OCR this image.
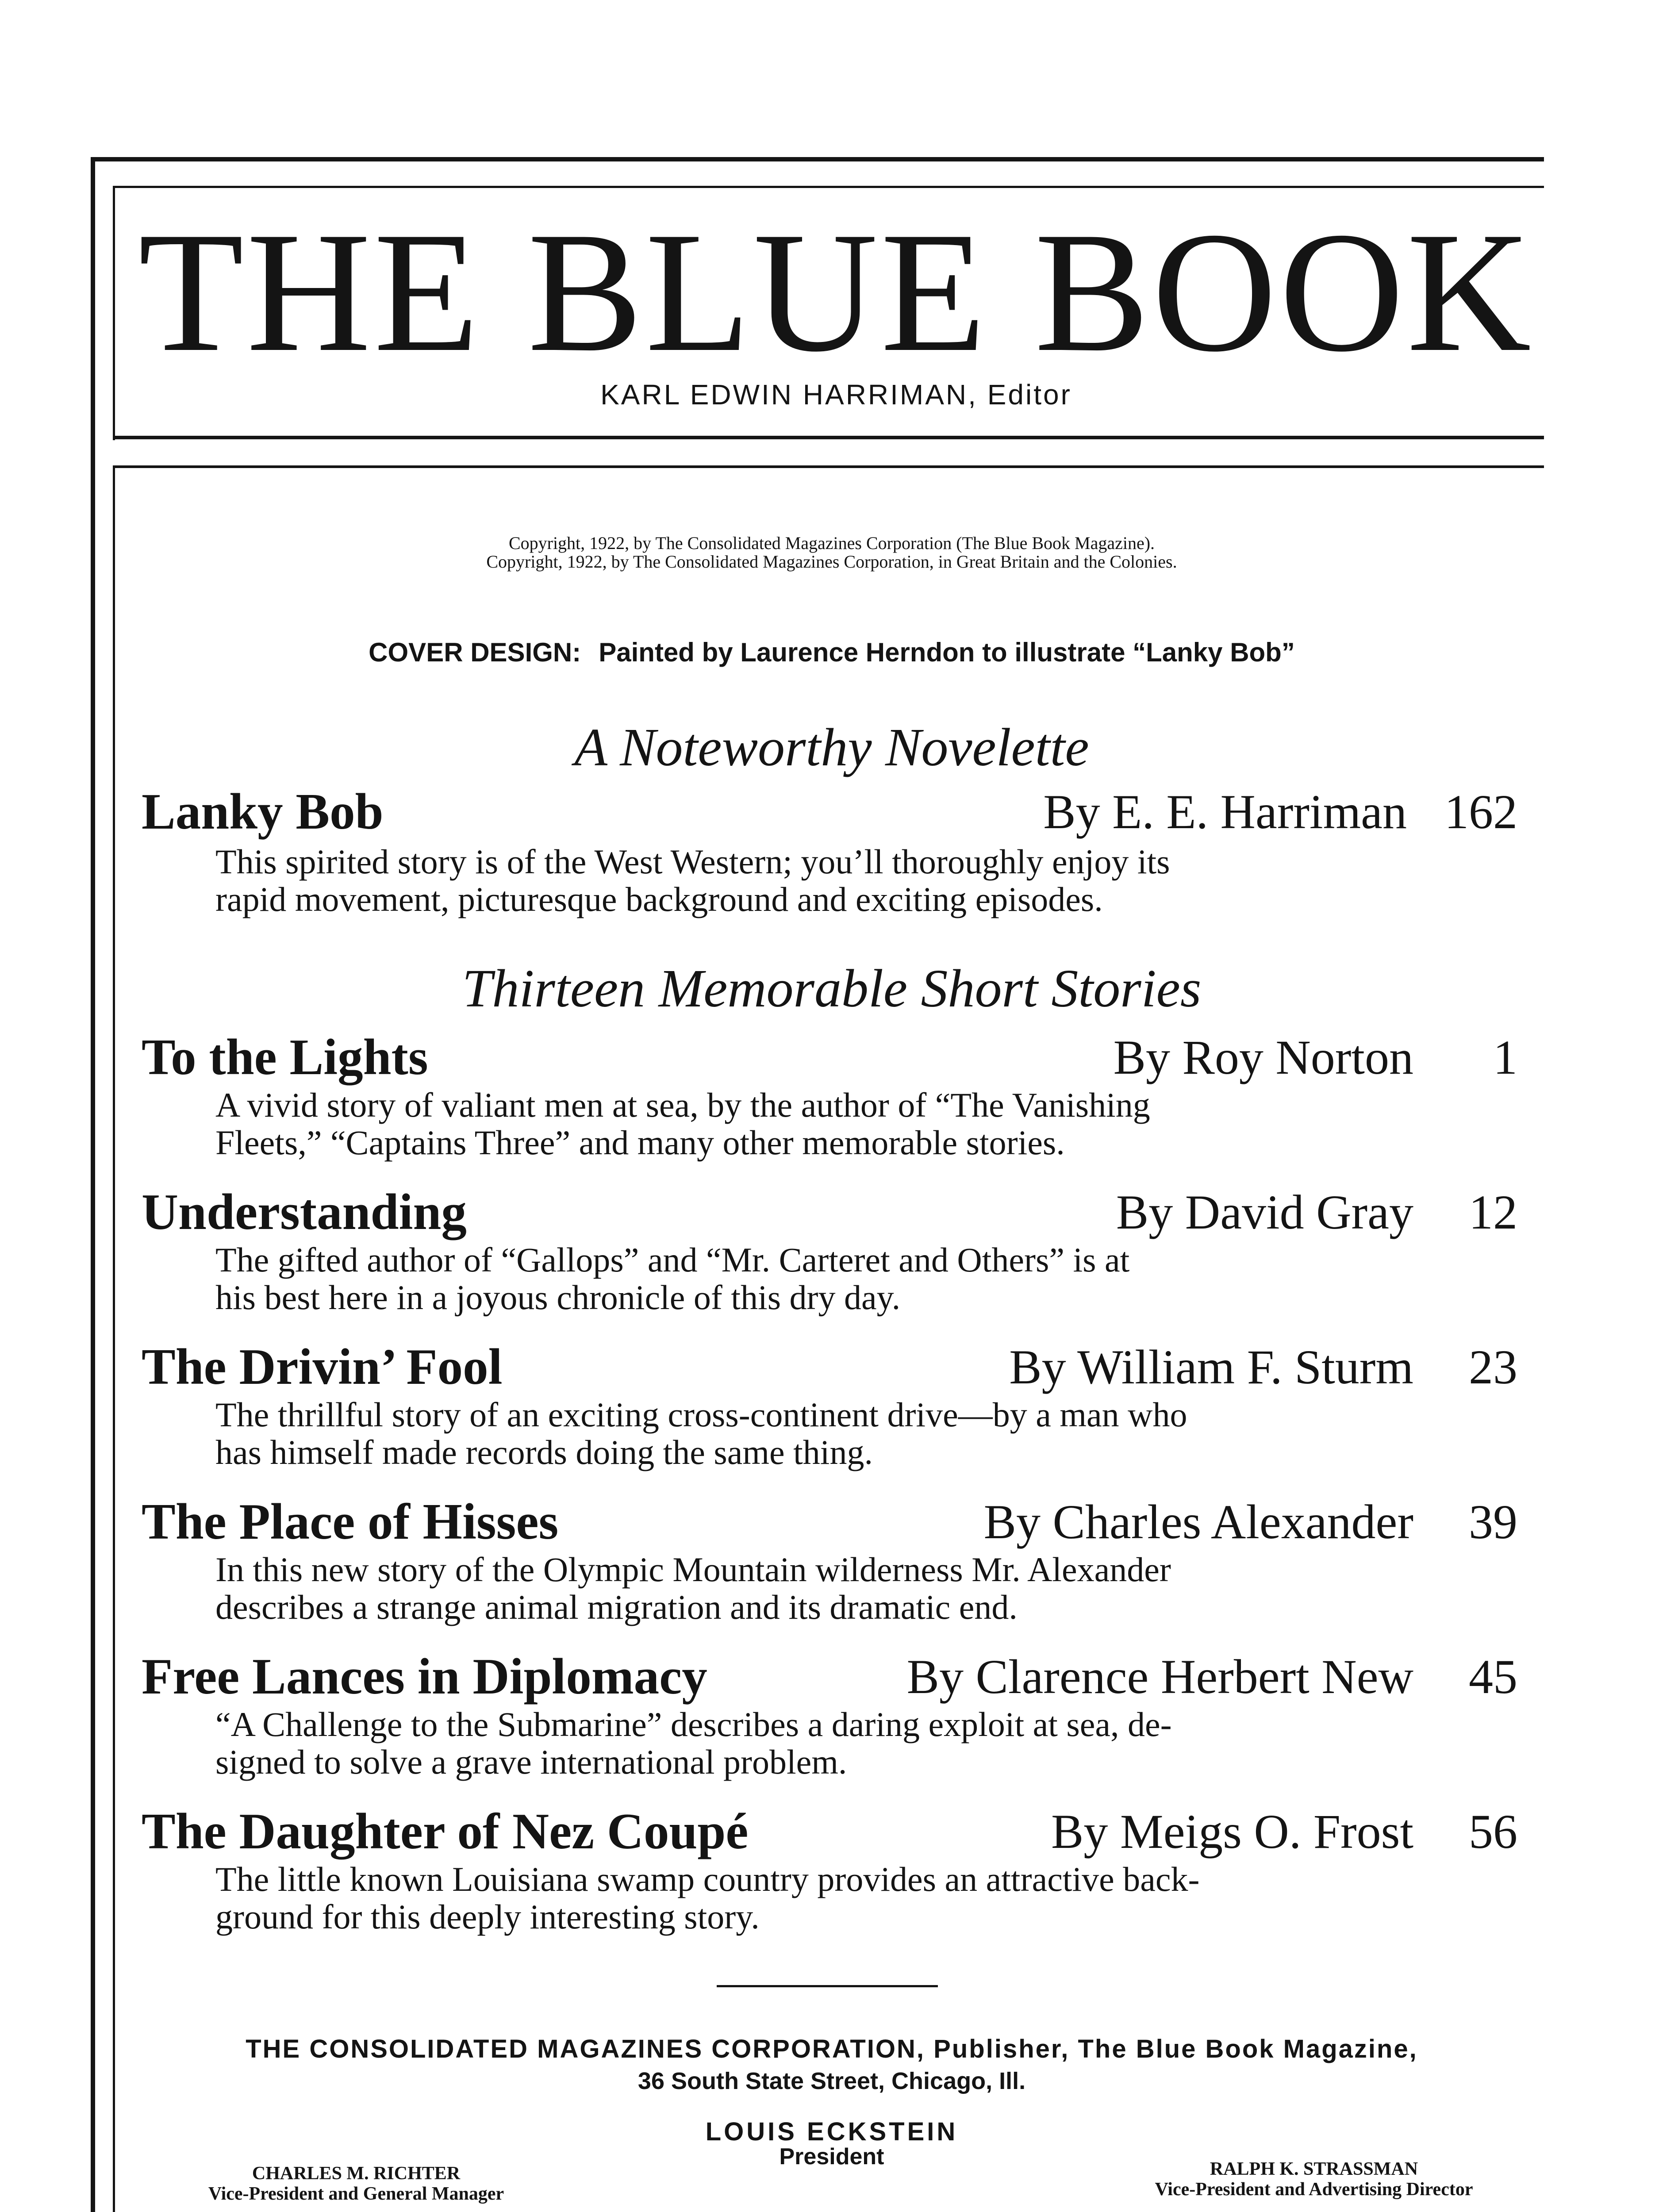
THE BLUE BOOK
KARL EDWIN HARRIMAN, Editor
Copyright, 1922, by The Consolidated Magazines Corporation (The Blue Book Magazine).
Copyright, 1922, by The Consolidated Magazines Corporation, in Great Britain and the Colonies.
COVER DESIGN: Painted by Laurence Herndon to illustrate “Lanky Bob”
A Noteworthy Novelette
Lanky Bob	By E. E. Harriman 162
This spirited story is of the West Western; you’ll thoroughly enjoy its
rapid movement, picturesque background and exciting episodes.
Thirteen Memorable Short Stories
To the Lights	By Roy Norton	1
A vivid story of valiant men at sea, by the author of “The Vanishing
Fleets,” “Captains Three” and many other memorable stories.
Understanding	By David Gray	12
The gifted author of “Gallops” and “Mr. Carteret and Others” is at
his best here in a joyous chronicle of this dry day.
The Drivin’ Fool	By William F. Sturm	23
The thrillful story of an exciting cross-continent drive—by a man who
has himself made records doing the same thing.
The Place of Hisses	By Charles Alexander	39
In this new story of the Olympic Mountain wilderness Mr. Alexander
describes a strange animal migration and its dramatic end.
Free Lances in Diplomacy	By Clarence Herbert New	45
“A Challenge to the Submarine” describes a daring exploit at sea, de-
signed to solve a grave international problem.
The Daughter of Nez Coupé	By Meigs O. Frost	56
The little known Louisiana swamp country provides an attractive back-
ground for this deeply interesting story.
THE CONSOLIDATED MAGAZINES CORPORATION, Publisher, The Blue Book Magazine,
36 South State Street, Chicago, Ill.
LOUIS ECKSTEIN
President
CHARLES M. RICHTER
Vice-President and General Manager
RALPH K. STRASSMAN
Vice-President and Advertising Director
